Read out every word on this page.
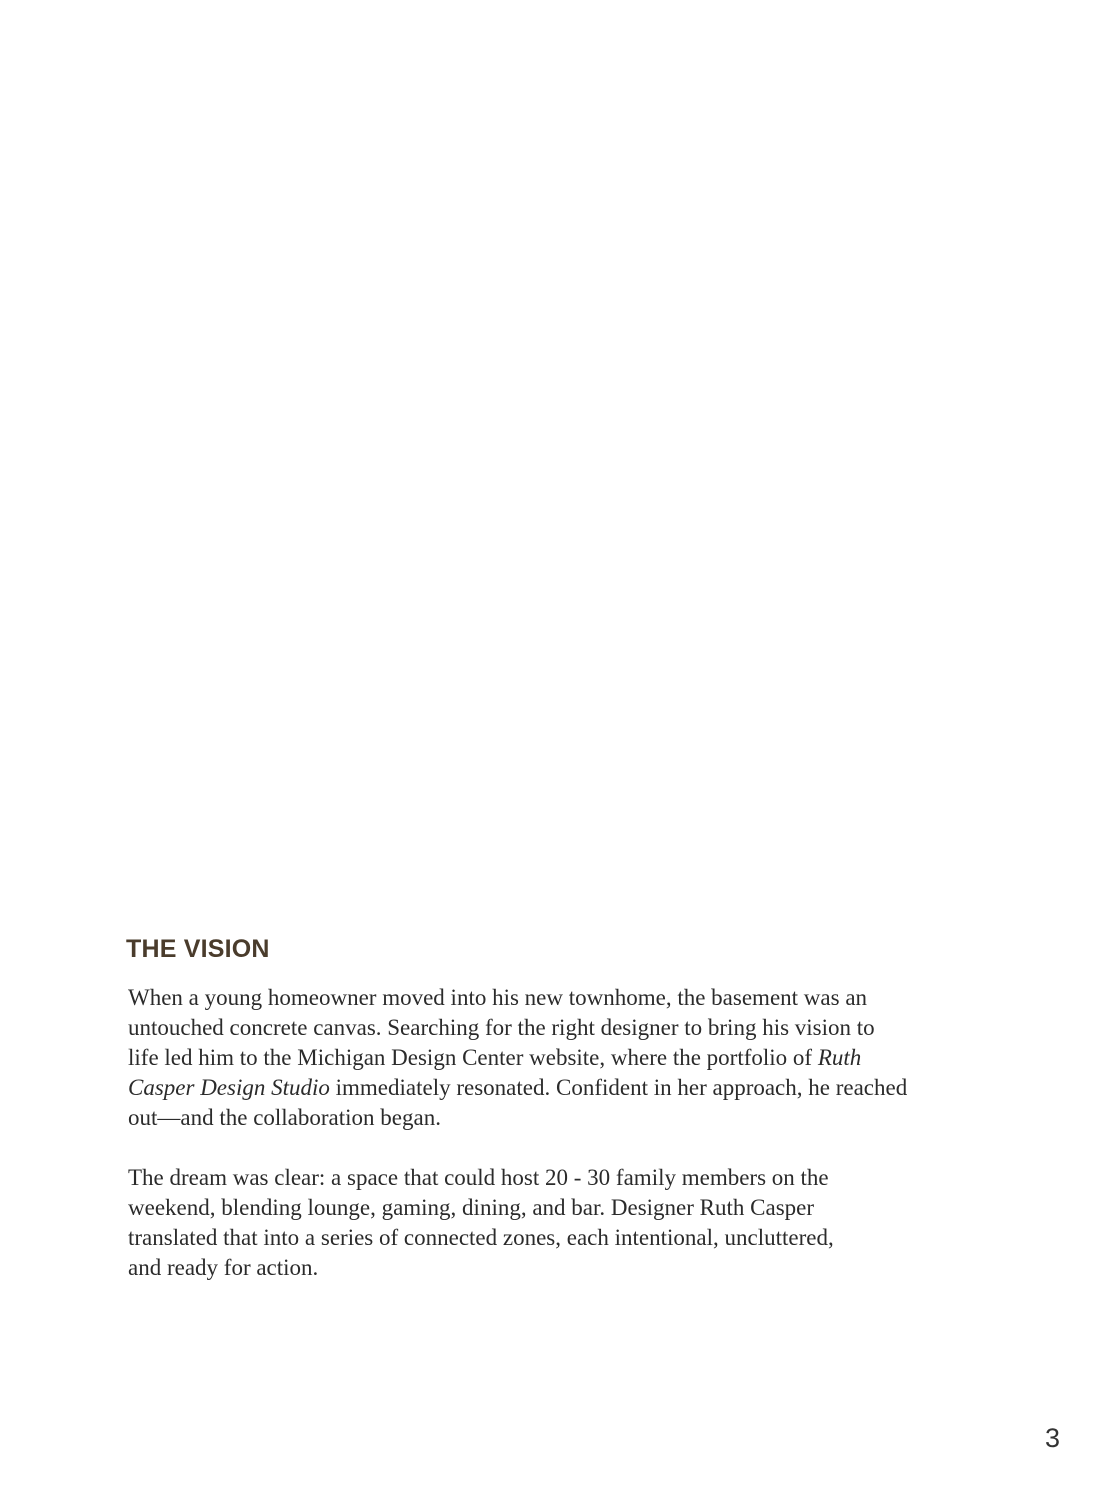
THE VISION

When a young homeowner moved into his new townhome, the basement was an
untouched concrete canvas. Searching for the right designer to bring his vision to
life led him to the Michigan Design Center website, where the portfolio of Ruth
Casper Design Studio immediately resonated. Confident in her approach, he reached
out—and the collaboration began.

The dream was clear: a space that could host 20 - 30 family members on the
weekend, blending lounge, gaming, dining, and bar. Designer Ruth Casper
translated that into a series of connected zones, each intentional, uncluttered,
and ready for action.

3
